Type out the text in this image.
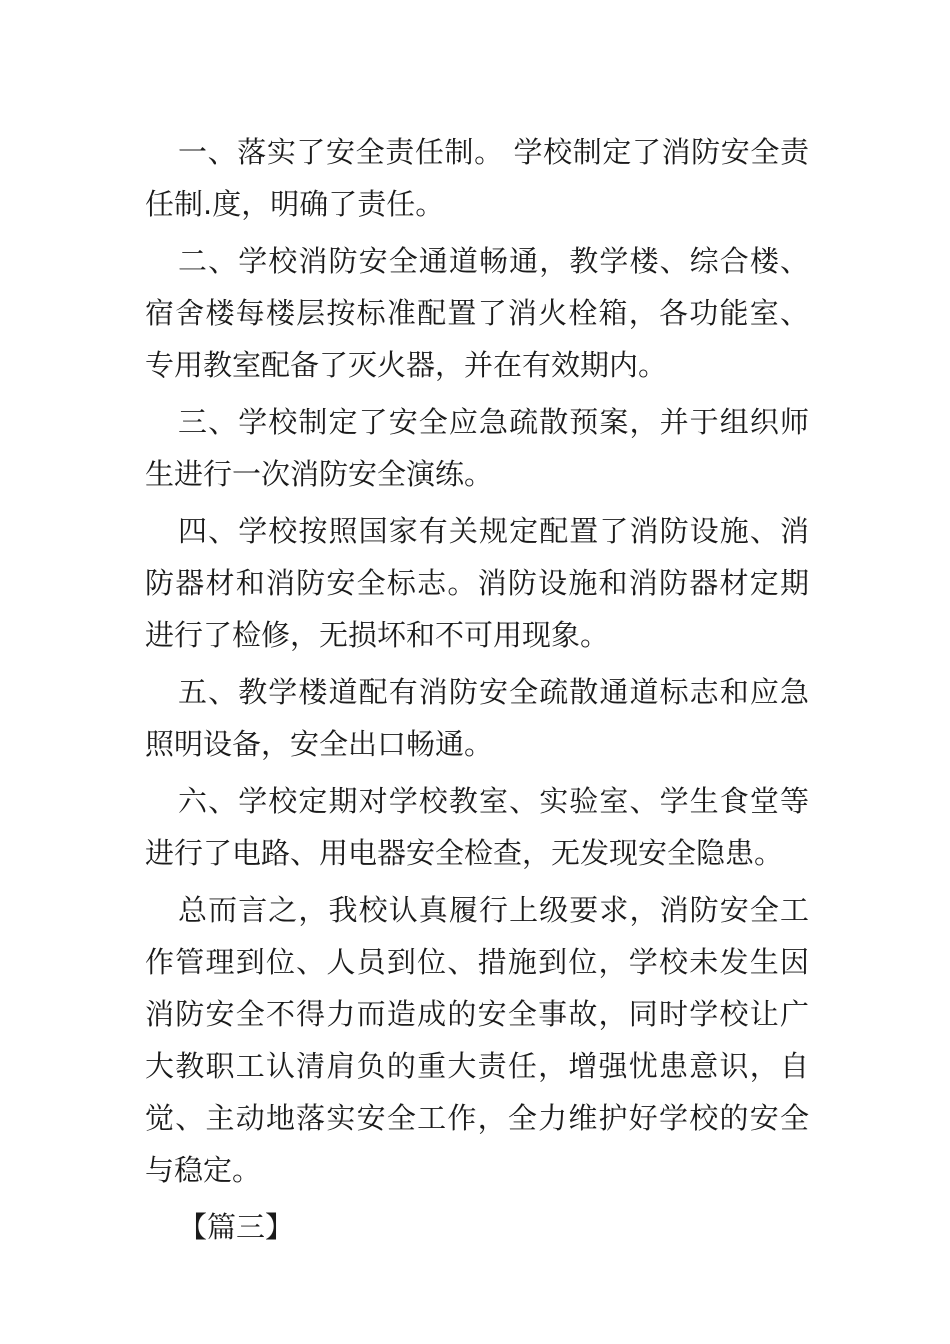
一、落实了安全责任制。 学校制定了消防安全责任制.度，明确了责任。

二、学校消防安全通道畅通，教学楼、综合楼、宿舍楼每楼层按标准配置了消火栓箱，各功能室、专用教室配备了灭火器，并在有效期内。

三、学校制定了安全应急疏散预案，并于组织师生进行一次消防安全演练。

四、学校按照国家有关规定配置了消防设施、消防器材和消防安全标志。消防设施和消防器材定期进行了检修，无损坏和不可用现象。

五、教学楼道配有消防安全疏散通道标志和应急照明设备，安全出口畅通。

六、学校定期对学校教室、实验室、学生食堂等进行了电路、用电器安全检查，无发现安全隐患。

总而言之，我校认真履行上级要求，消防安全工作管理到位、人员到位、措施到位，学校未发生因消防安全不得力而造成的安全事故，同时学校让广大教职工认清肩负的重大责任，增强忧患意识，自觉、主动地落实安全工作，全力维护好学校的安全与稳定。

【篇三】
